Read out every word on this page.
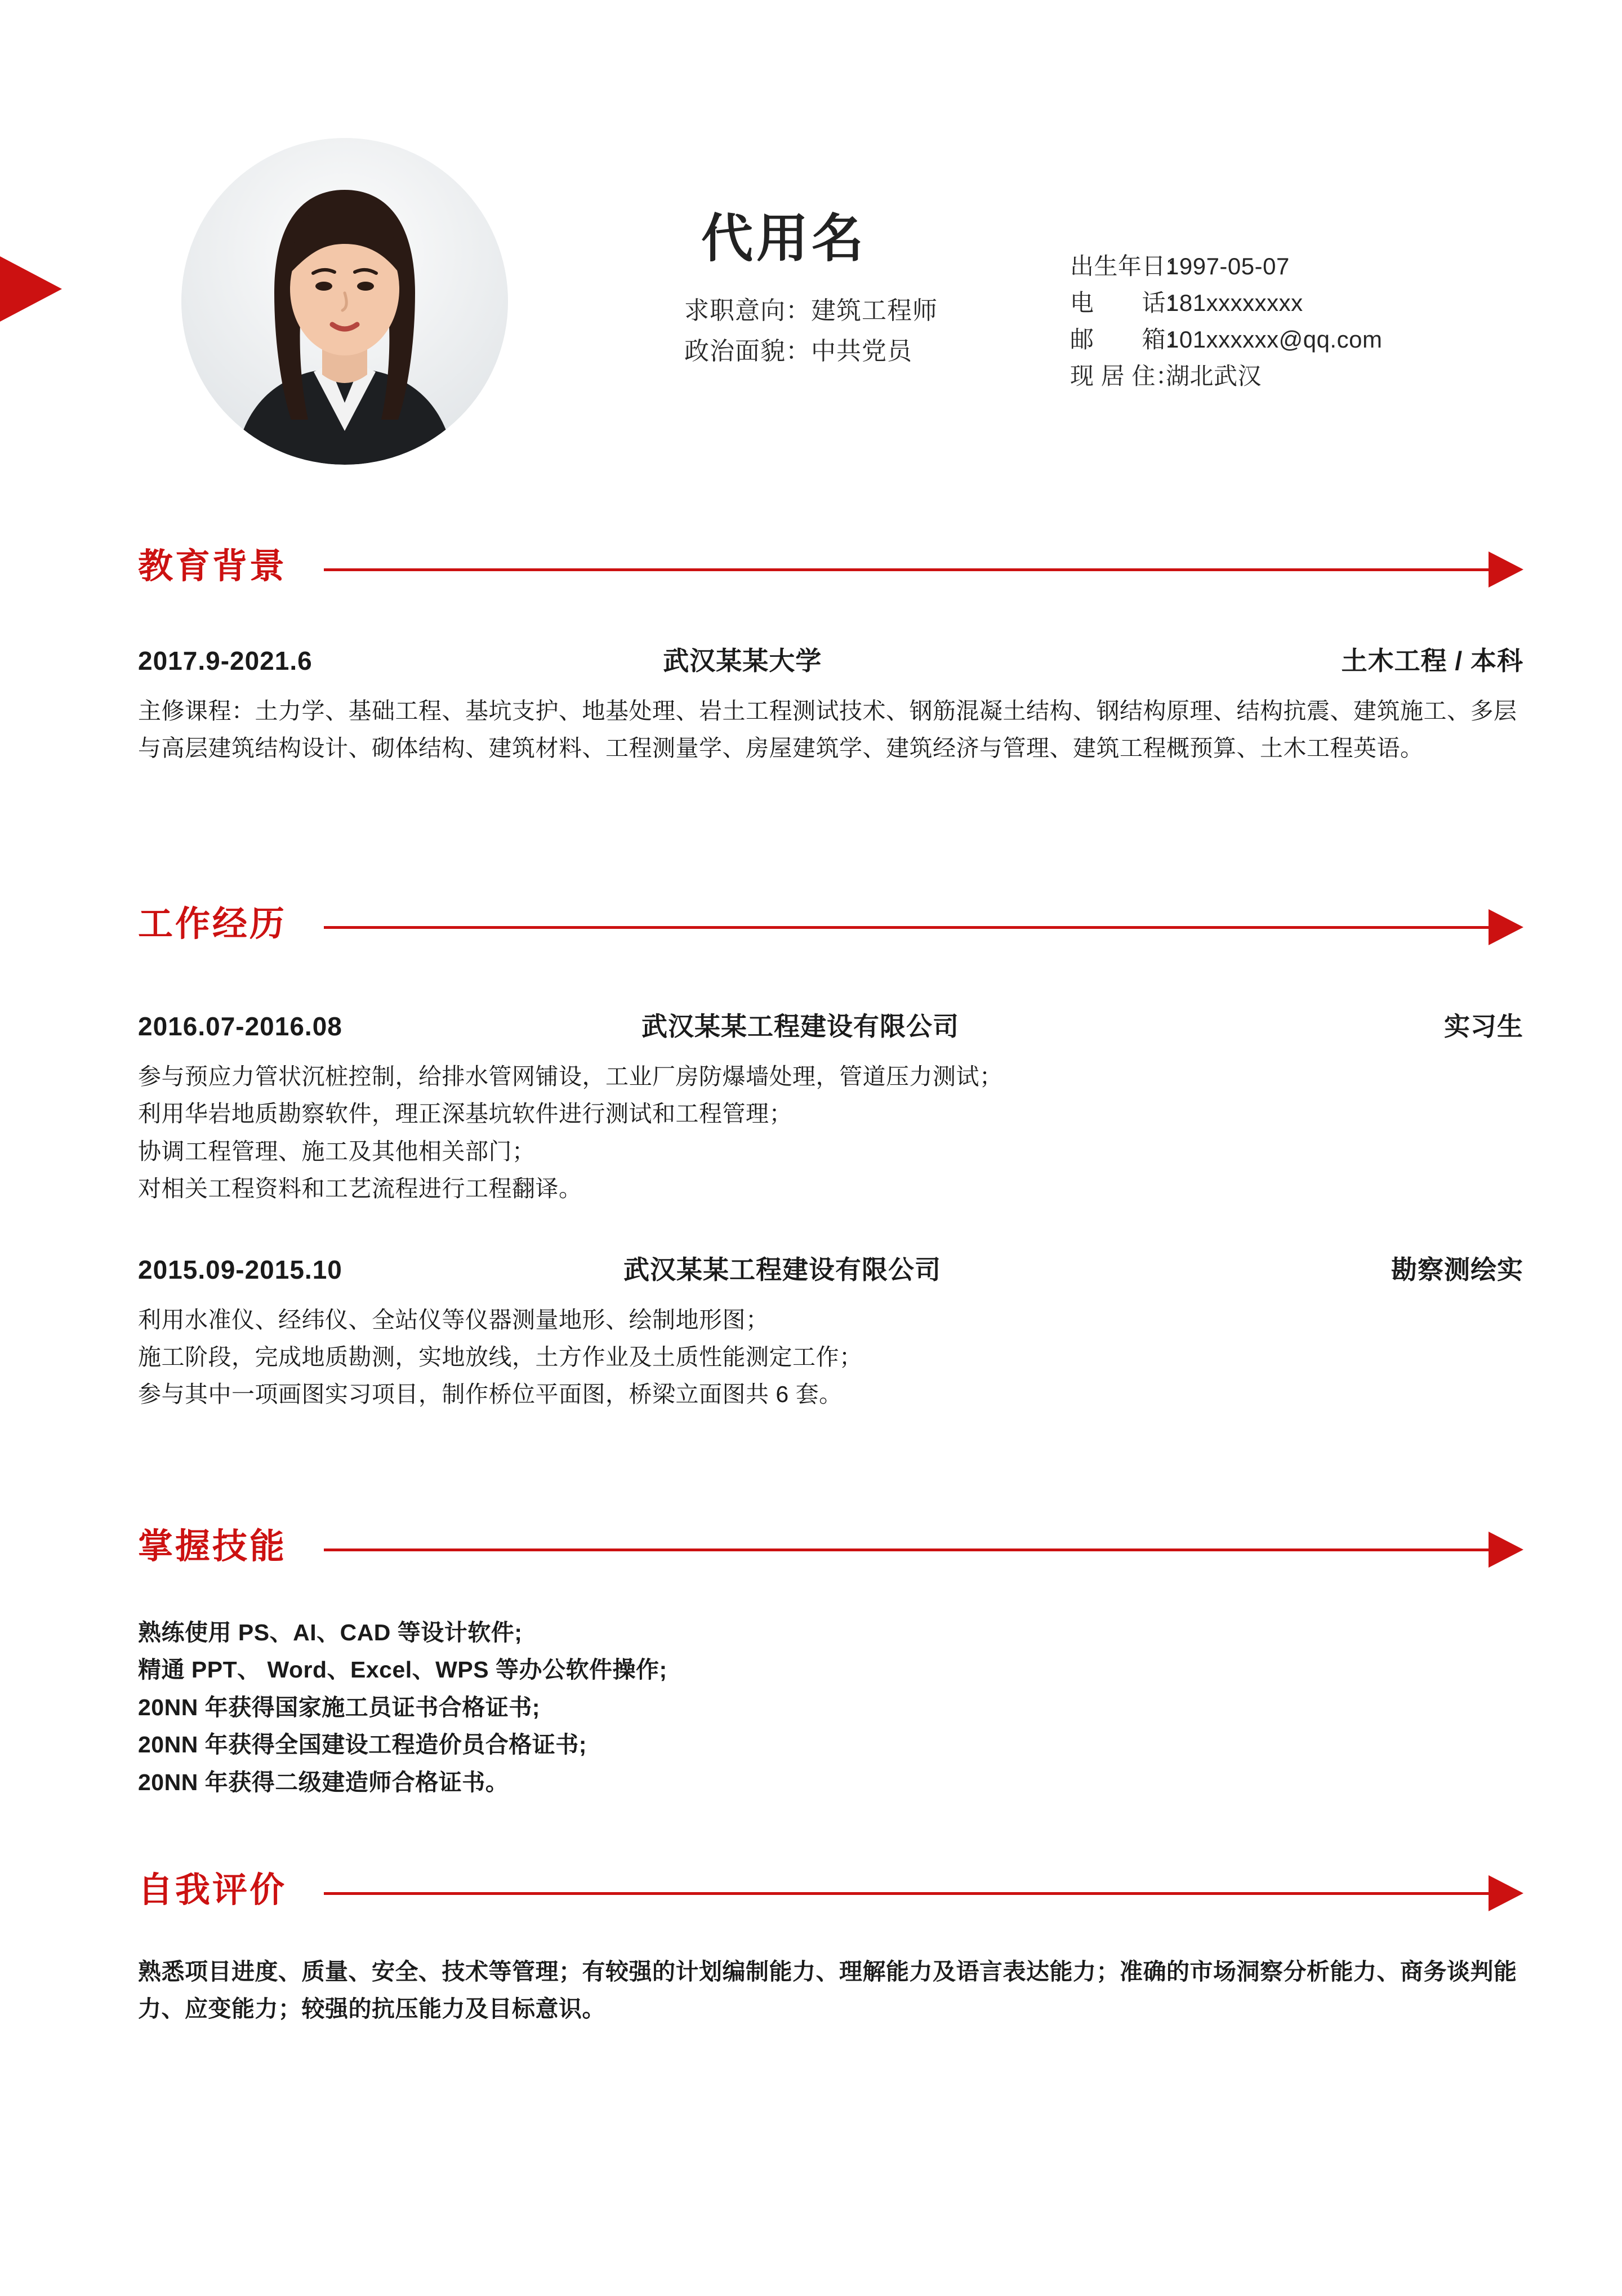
代用名
求职意向：建筑工程师
政治面貌：中共党员
出生年日：1997-05-07
电　　话：181xxxxxxxx
邮　　箱：101xxxxxx@qq.com
现 居 住：湖北武汉
教育背景
2017.9-2021.6	武汉某某大学	土木工程 / 本科
主修课程：土力学、基础工程、基坑支护、地基处理、岩土工程测试技术、钢筋混凝土结构、钢结构原理、结构抗震、建筑施工、多层与高层建筑结构设计、砌体结构、建筑材料、工程测量学、房屋建筑学、建筑经济与管理、建筑工程概预算、土木工程英语。
工作经历
2016.07-2016.08	武汉某某工程建设有限公司	实习生
参与预应力管状沉桩控制，给排水管网铺设，工业厂房防爆墙处理，管道压力测试；
利用华岩地质勘察软件，理正深基坑软件进行测试和工程管理；
协调工程管理、施工及其他相关部门；
对相关工程资料和工艺流程进行工程翻译。
2015.09-2015.10	武汉某某工程建设有限公司	勘察测绘实
利用水准仪、经纬仪、全站仪等仪器测量地形、绘制地形图；
施工阶段，完成地质勘测，实地放线，土方作业及土质性能测定工作；
参与其中一项画图实习项目，制作桥位平面图，桥梁立面图共 6 套。
掌握技能
熟练使用 PS、AI、CAD 等设计软件;
精通 PPT、 Word、Excel、WPS 等办公软件操作;
20NN 年获得国家施工员证书合格证书;
20NN 年获得全国建设工程造价员合格证书;
20NN 年获得二级建造师合格证书。
自我评价
熟悉项目进度、质量、安全、技术等管理；有较强的计划编制能力、理解能力及语言表达能力；准确的市场洞察分析能力、商务谈判能力、应变能力；较强的抗压能力及目标意识。
